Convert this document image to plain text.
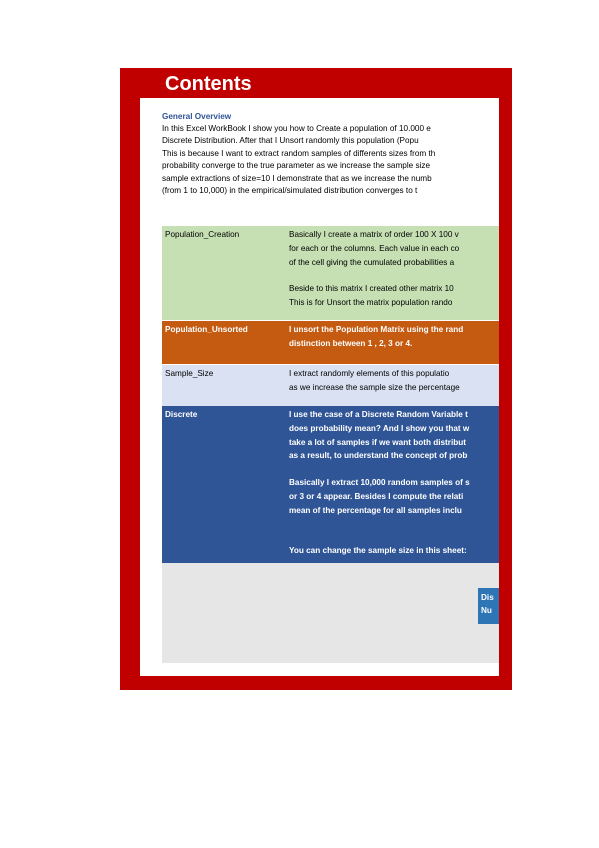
Contents
General Overview
In this Excel WorkBook I show you how to Create a population of 10.000 e
Discrete Distribution. After that I Unsort randomly this population (Popu
This is because I want to extract random samples of differents sizes from th
probability converge to the true parameter as we increase the sample size
sample extractions of size=10 I demonstrate that as we increase the numb
(from 1 to 10,000) in the empirical/simulated distribution converges to t
Population_Creation	Basically I create a matrix of order 100 X 100 v
for each or the columns. Each value in each co
of the cell giving the cumulated probabilities a
Beside to this matrix I created other matrix 10
This is for Unsort the matrix population rando
Population_Unsorted	I unsort the Population Matrix using the rand
distinction between 1 , 2, 3 or 4.
Sample_Size	I extract randomly elements of this populatio
as we increase the sample size the percentage
Discrete	I use the case of a Discrete Random Variable t
does probability mean? And I show you that w
take a lot of samples if we want both distribut
as a result, to understand the concept of prob
Basically I extract 10,000 random samples of s
or 3 or 4 appear. Besides I compute the relati
mean of the percentage for all samples inclu
You can change the sample size in this sheet:
Dis
Nu
